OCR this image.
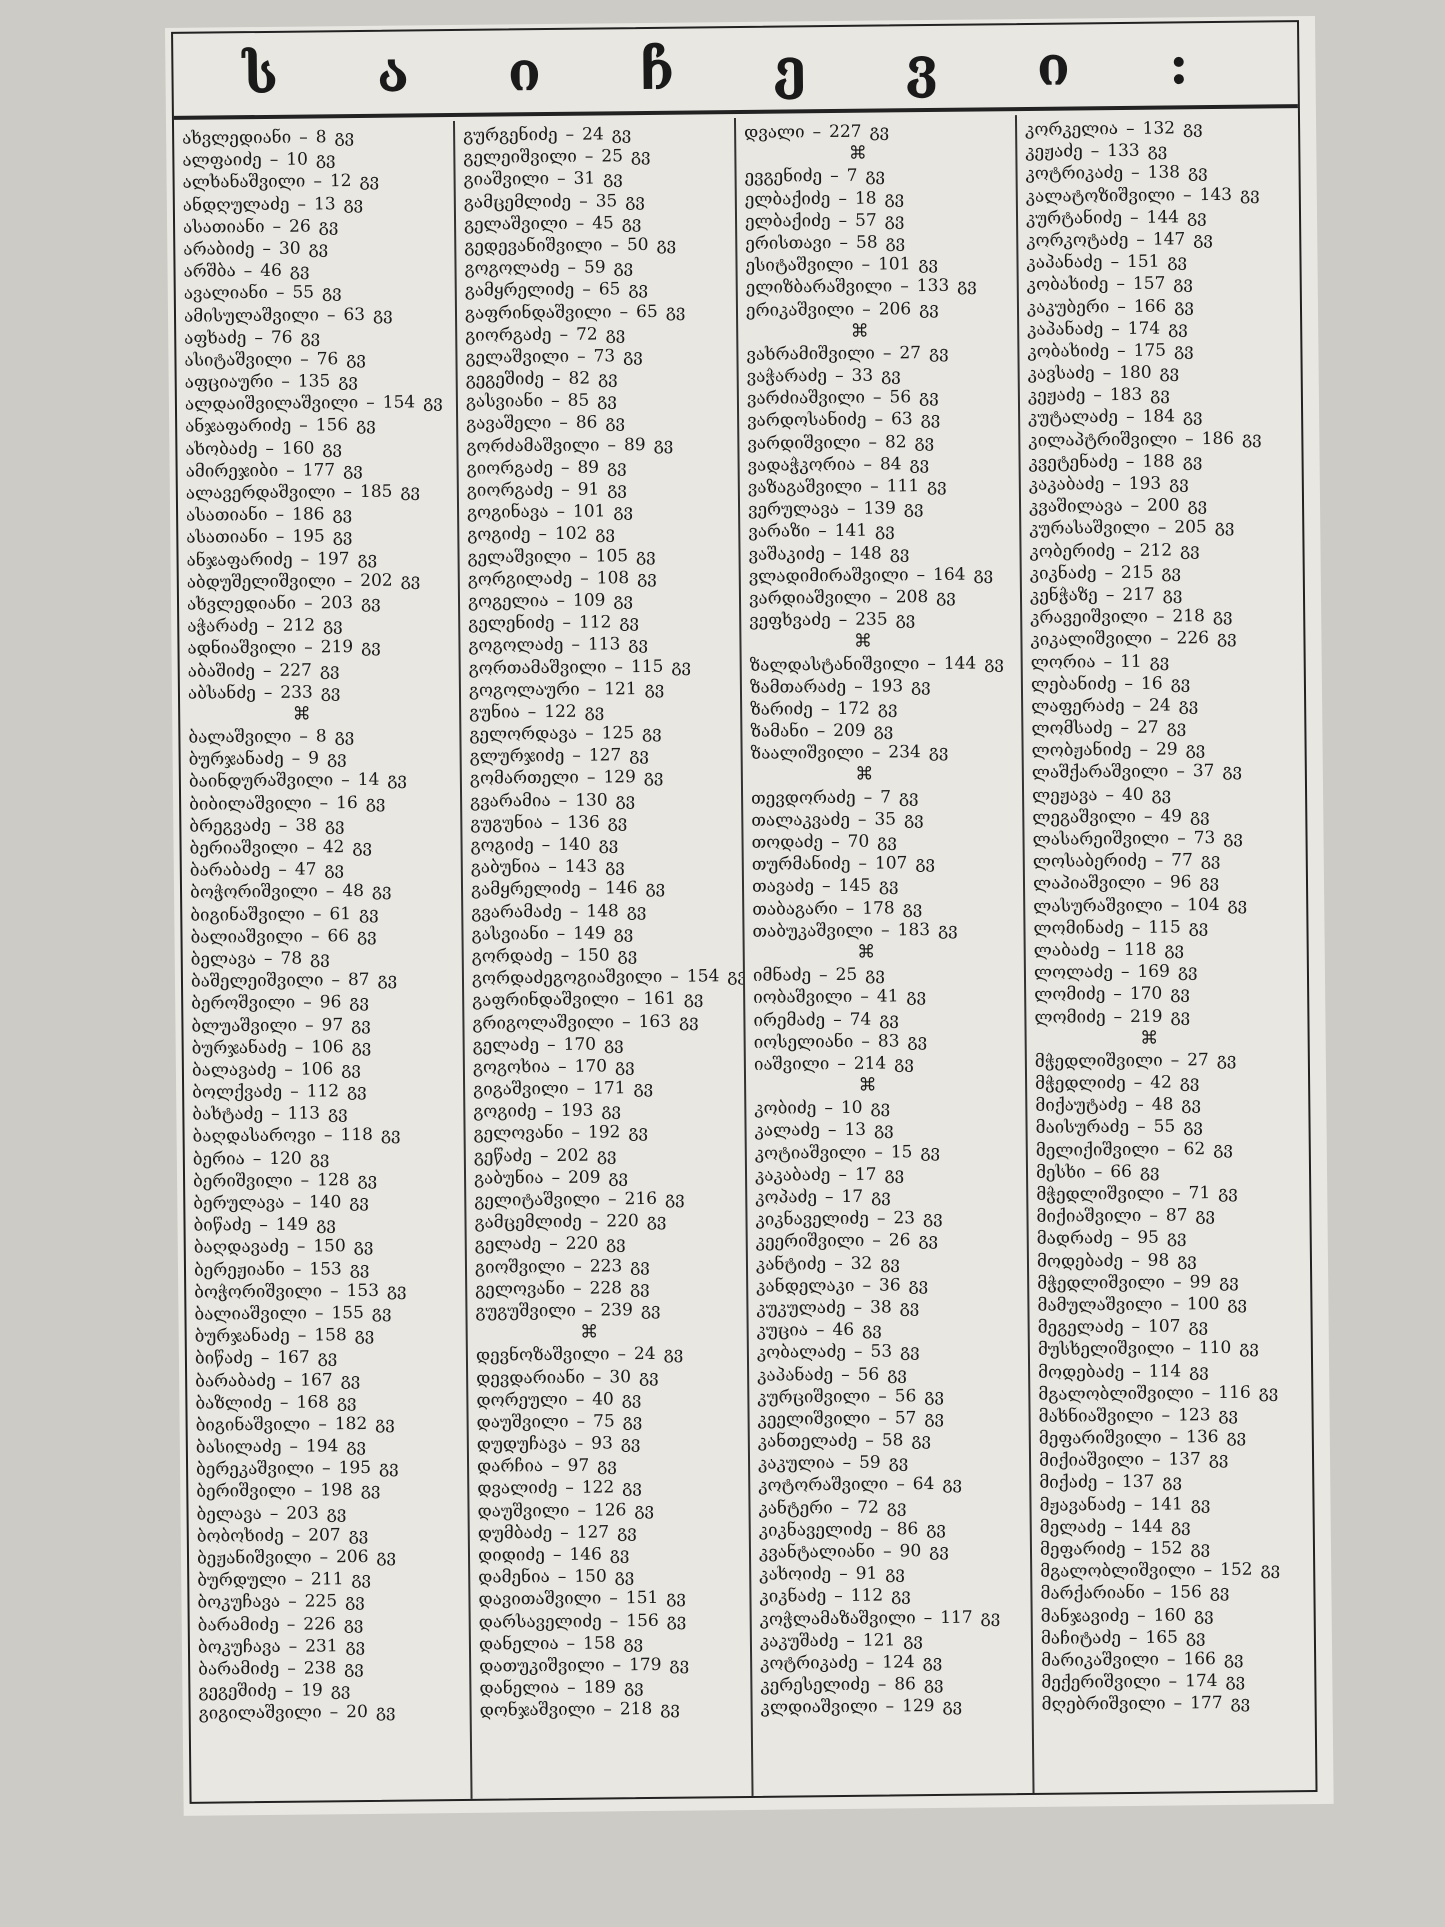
ს ა ი ჩ ე ვ ი :
ახვლედიანი – 8 გვ
ალფაიძე – 10 გვ
ალხანაშვილი – 12 გვ
ანდღულაძე – 13 გვ
ასათიანი – 26 გვ
არაბიძე – 30 გვ
არშბა – 46 გვ
ავალიანი – 55 გვ
ამისულაშვილი – 63 გვ
აფხაძე – 76 გვ
ასიტაშვილი – 76 გვ
აფციაური – 135 გვ
ალდაიშვილაშვილი – 154 გვ
ანჯაფარიძე – 156 გვ
ახობაძე – 160 გვ
ამირეჯიბი – 177 გვ
ალავერდაშვილი – 185 გვ
ასათიანი – 186 გვ
ასათიანი – 195 გვ
ანჯაფარიძე – 197 გვ
აბდუშელიშვილი – 202 გვ
ახვლედიანი – 203 გვ
აჭარაძე – 212 გვ
ადნიაშვილი – 219 გვ
აბაშიძე – 227 გვ
აბსანძე – 233 გვ
⌘
ბალაშვილი – 8 გვ
ბურჯანაძე – 9 გვ
ბაინდურაშვილი – 14 გვ
ბიბილაშვილი – 16 გვ
ბრეგვაძე – 38 გვ
ბერიაშვილი – 42 გვ
ბარაბაძე – 47 გვ
ბოჭორიშვილი – 48 გვ
ბიგინაშვილი – 61 გვ
ბალიაშვილი – 66 გვ
ბელავა – 78 გვ
ბაშელეიშვილი – 87 გვ
ბეროშვილი – 96 გვ
ბლუაშვილი – 97 გვ
ბურჯანაძე – 106 გვ
ბალავაძე – 106 გვ
ბოლქვაძე – 112 გვ
ბახტაძე – 113 გვ
ბაღდასაროვი – 118 გვ
ბერია – 120 გვ
ბერიშვილი – 128 გვ
ბერულავა – 140 გვ
ბიწაძე – 149 გვ
ბაღდავაძე – 150 გვ
ბერეჟიანი – 153 გვ
ბოჭორიშვილი – 153 გვ
ბალიაშვილი – 155 გვ
ბურჯანაძე – 158 გვ
ბიწაძე – 167 გვ
ბარაბაძე – 167 გვ
ბაზლიძე – 168 გვ
ბიგინაშვილი – 182 გვ
ბასილაძე – 194 გვ
ბერეკაშვილი – 195 გვ
ბერიშვილი – 198 გვ
ბელავა – 203 გვ
ბობოხიძე – 207 გვ
ბეჟანიშვილი – 206 გვ
ბურდული – 211 გვ
ბოკუჩავა – 225 გვ
ბარამიძე – 226 გვ
ბოკუჩავა – 231 გვ
ბარამიძე – 238 გვ
გეგეშიძე – 19 გვ
გიგილაშვილი – 20 გვ
გურგენიძე – 24 გვ
გელეიშვილი – 25 გვ
გიაშვილი – 31 გვ
გამცემლიძე – 35 გვ
გელაშვილი – 45 გვ
გედევანიშვილი – 50 გვ
გოგოლაძე – 59 გვ
გამყრელიძე – 65 გვ
გაფრინდაშვილი – 65 გვ
გიორგაძე – 72 გვ
გელაშვილი – 73 გვ
გეგეშიძე – 82 გვ
გასვიანი – 85 გვ
გავაშელი – 86 გვ
გორძამაშვილი – 89 გვ
გიორგაძე – 89 გვ
გიორგაძე – 91 გვ
გოგინავა – 101 გვ
გოგიძე – 102 გვ
გელაშვილი – 105 გვ
გორგილაძე – 108 გვ
გოგელია – 109 გვ
გელენიძე – 112 გვ
გოგოლაძე – 113 გვ
გორთამაშვილი – 115 გვ
გოგოლაური – 121 გვ
გუნია – 122 გვ
გელორდავა – 125 გვ
გლურჯიძე – 127 გვ
გომართელი – 129 გვ
გვარამია – 130 გვ
გუგუნია – 136 გვ
გოგიძე – 140 გვ
გაბუნია – 143 გვ
გამყრელიძე – 146 გვ
გვარამაძე – 148 გვ
გასვიანი – 149 გვ
გორდაძე – 150 გვ
გორდაძეგოგიაშვილი – 154 გვ
გაფრინდაშვილი – 161 გვ
გრიგოლაშვილი – 163 გვ
გელაძე – 170 გვ
გოგოხია – 170 გვ
გიგაშვილი – 171 გვ
გოგიძე – 193 გვ
გელოვანი – 192 გვ
გეწაძე – 202 გვ
გაბუნია – 209 გვ
გელიტაშვილი – 216 გვ
გამცემლიძე – 220 გვ
გელაძე – 220 გვ
გიოშვილი – 223 გვ
გელოვანი – 228 გვ
გუგუშვილი – 239 გვ
⌘
დევნოზაშვილი – 24 გვ
დევდარიანი – 30 გვ
დორეული – 40 გვ
დაუშვილი – 75 გვ
დუდუჩავა – 93 გვ
დარჩია – 97 გვ
დვალიძე – 122 გვ
დაუშვილი – 126 გვ
დუმბაძე – 127 გვ
დიდიძე – 146 გვ
დამენია – 150 გვ
დავითაშვილი – 151 გვ
დარსაველიძე – 156 გვ
დანელია – 158 გვ
დათუკიშვილი – 179 გვ
დანელია – 189 გვ
დონჯაშვილი – 218 გვ
დვალი – 227 გვ
⌘
ევგენიძე – 7 გვ
ელბაქიძე – 18 გვ
ელბაქიძე – 57 გვ
ერისთავი – 58 გვ
ესიტაშვილი – 101 გვ
ელიზბარაშვილი – 133 გვ
ერიკაშვილი – 206 გვ
⌘
ვახრამიშვილი – 27 გვ
ვაჭარაძე – 33 გვ
ვარძიაშვილი – 56 გვ
ვარდოსანიძე – 63 გვ
ვარდიშვილი – 82 გვ
ვადაჭკორია – 84 გვ
ვაზაგაშვილი – 111 გვ
ვერულავა – 139 გვ
ვარაზი – 141 გვ
ვაშაკიძე – 148 გვ
ვლადიმირაშვილი – 164 გვ
ვარდიაშვილი – 208 გვ
ვეფხვაძე – 235 გვ
⌘
ზალდასტანიშვილი – 144 გვ
ზამთარაძე – 193 გვ
ზარიძე – 172 გვ
ზამანი – 209 გვ
ზაალიშვილი – 234 გვ
⌘
თევდორაძე – 7 გვ
თალაკვაძე – 35 გვ
თოდაძე – 70 გვ
თურმანიძე – 107 გვ
თავაძე – 145 გვ
თაბაგარი – 178 გვ
თაბუკაშვილი – 183 გვ
⌘
იმნაძე – 25 გვ
იობაშვილი – 41 გვ
ირემაძე – 74 გვ
იოსელიანი – 83 გვ
იაშვილი – 214 გვ
⌘
კობიძე – 10 გვ
კალაძე – 13 გვ
კოტიაშვილი – 15 გვ
კაკაბაძე – 17 გვ
კოპაძე – 17 გვ
კიკნაველიძე – 23 გვ
კეერიშვილი – 26 გვ
კანტიძე – 32 გვ
კანდელაკი – 36 გვ
კუკულაძე – 38 გვ
კუცია – 46 გვ
კობალაძე – 53 გვ
კაპანაძე – 56 გვ
კურციშვილი – 56 გვ
კეელიშვილი – 57 გვ
კანთელაძე – 58 გვ
კაკულია – 59 გვ
კოტორაშვილი – 64 გვ
კანტერი – 72 გვ
კიკნაველიძე – 86 გვ
კვანტალიანი – 90 გვ
კახოიძე – 91 გვ
კიკნაძე – 112 გვ
კოჭლამაზაშვილი – 117 გვ
კაკუშაძე – 121 გვ
კოტრიკაძე – 124 გვ
კერესელიძე – 86 გვ
კლდიაშვილი – 129 გვ
კორკელია – 132 გვ
კეჟაძე – 133 გვ
კოტრიკაძე – 138 გვ
კალატოზიშვილი – 143 გვ
კურტანიძე – 144 გვ
კორკოტაძე – 147 გვ
კაპანაძე – 151 გვ
კობახიძე – 157 გვ
კაკუბერი – 166 გვ
კაპანაძე – 174 გვ
კობახიძე – 175 გვ
კავსაძე – 180 გვ
კეჟაძე – 183 გვ
კუტალაძე – 184 გვ
კილაპტრიშვილი – 186 გვ
კვეტენაძე – 188 გვ
კაკაბაძე – 193 გვ
კვაშილავა – 200 გვ
კურასაშვილი – 205 გვ
კობერიძე – 212 გვ
კიკნაძე – 215 გვ
კენჭაზე – 217 გვ
კრავეიშვილი – 218 გვ
კიკალიშვილი – 226 გვ
ლორია – 11 გვ
ლებანიძე – 16 გვ
ლაფერაძე – 24 გვ
ლომსაძე – 27 გვ
ლობჟანიძე – 29 გვ
ლაშქარაშვილი – 37 გვ
ლეჟავა – 40 გვ
ლეგაშვილი – 49 გვ
ლასარეიშვილი – 73 გვ
ლოსაბერიძე – 77 გვ
ლაპიაშვილი – 96 გვ
ლასურაშვილი – 104 გვ
ლომინაძე – 115 გვ
ლაბაძე – 118 გვ
ლოლაძე – 169 გვ
ლომიძე – 170 გვ
ლომიძე – 219 გვ
⌘
მჭედლიშვილი – 27 გვ
მჭედლიძე – 42 გვ
მიქაუტაძე – 48 გვ
მაისურაძე – 55 გვ
მელიქიშვილი – 62 გვ
მესხი – 66 გვ
მჭედლიშვილი – 71 გვ
მიქიაშვილი – 87 გვ
მადრაძე – 95 გვ
მოდებაძე – 98 გვ
მჭედლიშვილი – 99 გვ
მამულაშვილი – 100 გვ
მეგელაძე – 107 გვ
მუსხელიშვილი – 110 გვ
მოდებაძე – 114 გვ
მგალობლიშვილი – 116 გვ
მახნიაშვილი – 123 გვ
მეფარიშვილი – 136 გვ
მიქიაშვილი – 137 გვ
მიქაძე – 137 გვ
მჟავანაძე – 141 გვ
მელაძე – 144 გვ
მეფარიძე – 152 გვ
მგალობლიშვილი – 152 გვ
მარქარიანი – 156 გვ
მანჯავიძე – 160 გვ
მაჩიტაძე – 165 გვ
მარიკაშვილი – 166 გვ
მექერიშვილი – 174 გვ
მღებრიშვილი – 177 გვ
